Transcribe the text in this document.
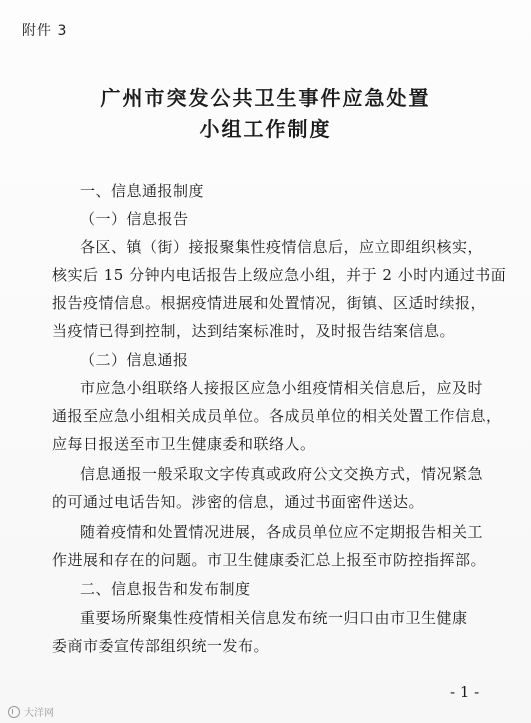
附件 3
广州市突发公共卫生事件应急处置
小组工作制度
一、信息通报制度
（一）信息报告
各区、镇（街）接报聚集性疫情信息后，应立即组织核实，
核实后 15 分钟内电话报告上级应急小组，并于 2 小时内通过书面
报告疫情信息。根据疫情进展和处置情况，街镇、区适时续报，
当疫情已得到控制，达到结案标准时，及时报告结案信息。
（二）信息通报
市应急小组联络人接报区应急小组疫情相关信息后，应及时
通报至应急小组相关成员单位。各成员单位的相关处置工作信息，
应每日报送至市卫生健康委和联络人。
信息通报一般采取文字传真或政府公文交换方式，情况紧急
的可通过电话告知。涉密的信息，通过书面密件送达。
随着疫情和处置情况进展，各成员单位应不定期报告相关工
作进展和存在的问题。市卫生健康委汇总上报至市防控指挥部。
二、信息报告和发布制度
重要场所聚集性疫情相关信息发布统一归口由市卫生健康
委商市委宣传部组织统一发布。
- 1 -
大洋网
